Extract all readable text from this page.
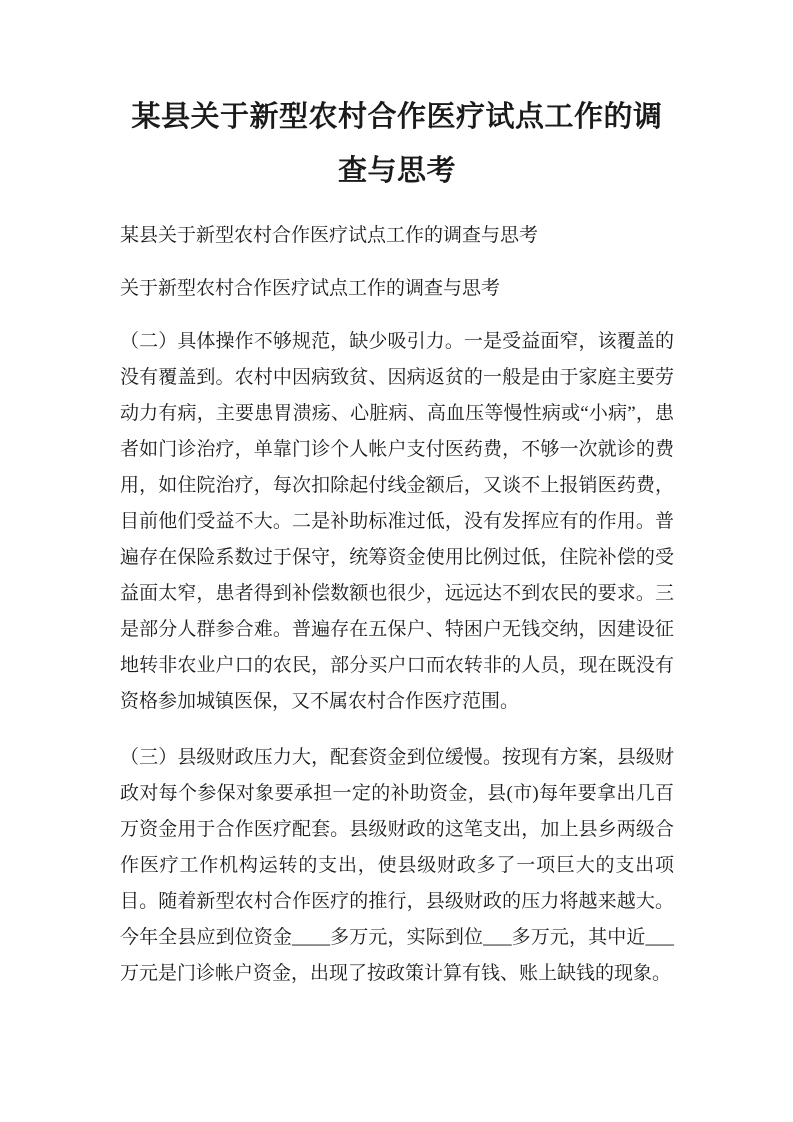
某县关于新型农村合作医疗试点工作的调
查与思考

某县关于新型农村合作医疗试点工作的调查与思考

关于新型农村合作医疗试点工作的调查与思考

（二）具体操作不够规范，缺少吸引力。一是受益面窄，该覆盖的没有覆盖到。农村中因病致贫、因病返贫的一般是由于家庭主要劳动力有病，主要患胃溃疡、心脏病、高血压等慢性病或“小病”，患者如门诊治疗，单靠门诊个人帐户支付医药费，不够一次就诊的费用，如住院治疗，每次扣除起付线金额后，又谈不上报销医药费，目前他们受益不大。二是补助标准过低，没有发挥应有的作用。普遍存在保险系数过于保守，统筹资金使用比例过低，住院补偿的受益面太窄，患者得到补偿数额也很少，远远达不到农民的要求。三是部分人群参合难。普遍存在五保户、特困户无钱交纳，因建设征地转非农业户口的农民，部分买户口而农转非的人员，现在既没有资格参加城镇医保，又不属农村合作医疗范围。

（三）县级财政压力大，配套资金到位缓慢。按现有方案，县级财政对每个参保对象要承担一定的补助资金，县(市)每年要拿出几百万资金用于合作医疗配套。县级财政的这笔支出，加上县乡两级合作医疗工作机构运转的支出，使县级财政多了一项巨大的支出项目。随着新型农村合作医疗的推行，县级财政的压力将越来越大。今年全县应到位资金____多万元，实际到位___多万元，其中近___万元是门诊帐户资金，出现了按政策计算有钱、账上缺钱的现象。
